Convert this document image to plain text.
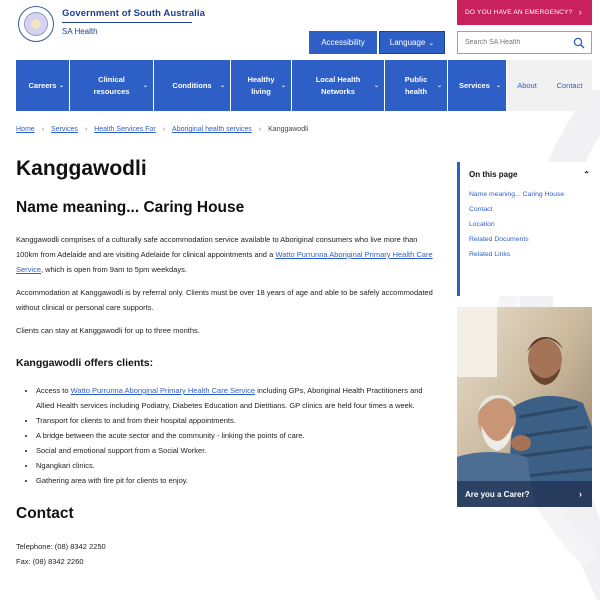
Government of South Australia
SA Health
DO YOU HAVE AN EMERGENCY? ›
Accessibility	Language ⌄
Search SA Health
Careers ⌄
Clinical resources
⌄	Conditions ⌄
Healthy living
⌄
Local Health Networks
⌄
Public health
⌄ Services ⌄	About	Contact
Home › Services › Health Services For › Aboriginal health services › Kanggawodli
Kanggawodli
Name meaning... Caring House

Kanggawodli comprises of a culturally safe accommodation service available to Aboriginal consumers who live more than 100km from Adelaide and are visiting Adelaide for clinical appointments and a Watto Purrunna Aboriginal Primary Health Care Service, which is open from 9am to 5pm weekdays.

Accommodation at Kanggawodli is by referral only. Clients must be over 18 years of age and able to be safely accommodated without clinical or personal care supports.

Clients can stay at Kanggawodli for up to three months.

Kanggawodli offers clients:
• Access to Watto Purrunna Aboriginal Primary Health Care Service including GPs, Aboriginal Health Practitioners and Allied Health services including Podiatry, Diabetes Education and Dietitians. GP clinics are held four times a week.
• Transport for clients to and from their hospital appointments.
• A bridge between the acute sector and the community - linking the points of care.
• Social and emotional support from a Social Worker.
• Ngangkari clinics.
• Gathering area with fire pit for clients to enjoy.
Contact

Telephone: (08) 8342 2250

Fax: (08) 8342 2260

On this page	⌃
Name meaning... Caring House
Contact
Location
Related Documents
Related Links
Are you a Carer?	›
